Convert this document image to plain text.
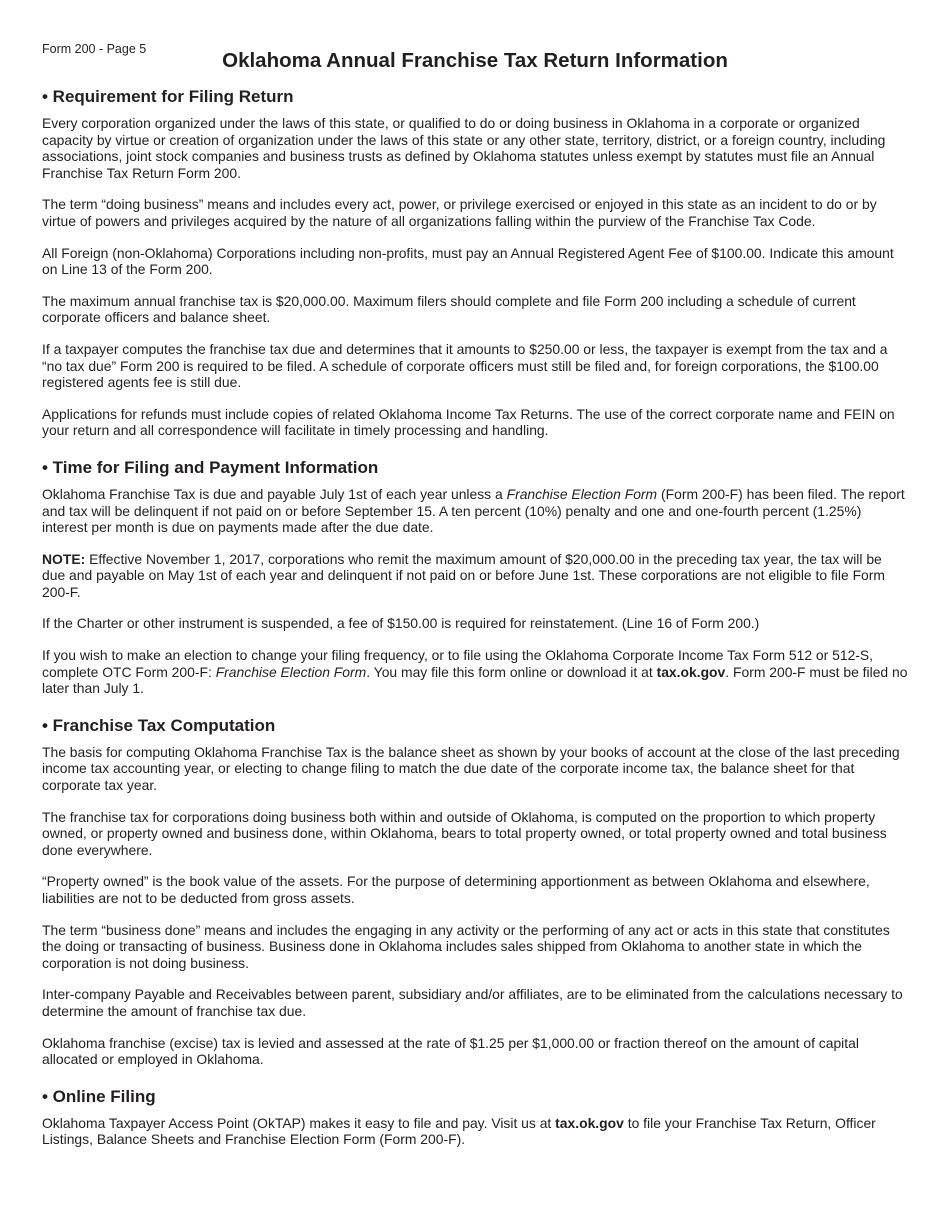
Form 200 - Page 5	Oklahoma Annual Franchise Tax Return Information
• Requirement for Filing Return

Every corporation organized under the laws of this state, or qualified to do or doing business in Oklahoma in a corporate or organized capacity by virtue or creation of organization under the laws of this state or any other state, territory, district, or a foreign country, including associations, joint stock companies and business trusts as defined by Oklahoma statutes unless exempt by statutes must file an Annual Franchise Tax Return Form 200.

The term “doing business” means and includes every act, power, or privilege exercised or enjoyed in this state as an incident to do or by virtue of powers and privileges acquired by the nature of all organizations falling within the purview of the Franchise Tax Code.

All Foreign (non-Oklahoma) Corporations including non-profits, must pay an Annual Registered Agent Fee of $100.00. Indicate this amount on Line 13 of the Form 200.

The maximum annual franchise tax is $20,000.00. Maximum filers should complete and file Form 200 including a schedule of current corporate officers and balance sheet.

If a taxpayer computes the franchise tax due and determines that it amounts to $250.00 or less, the taxpayer is exempt from the tax and a “no tax due” Form 200 is required to be filed. A schedule of corporate officers must still be filed and, for foreign corporations, the $100.00 registered agents fee is still due.

Applications for refunds must include copies of related Oklahoma Income Tax Returns. The use of the correct corporate name and FEIN on your return and all correspondence will facilitate in timely processing and handling.

• Time for Filing and Payment Information

Oklahoma Franchise Tax is due and payable July 1st of each year unless a Franchise Election Form (Form 200-F) has been filed. The report and tax will be delinquent if not paid on or before September 15. A ten percent (10%) penalty and one and one-fourth percent (1.25%) interest per month is due on payments made after the due date.

NOTE: Effective November 1, 2017, corporations who remit the maximum amount of $20,000.00 in the preceding tax year, the tax will be due and payable on May 1st of each year and delinquent if not paid on or before June 1st. These corporations are not eligible to file Form 200-F.

If the Charter or other instrument is suspended, a fee of $150.00 is required for reinstatement. (Line 16 of Form 200.)

If you wish to make an election to change your filing frequency, or to file using the Oklahoma Corporate Income Tax Form 512 or 512-S, complete OTC Form 200-F: Franchise Election Form. You may file this form online or download it at tax.ok.gov. Form 200-F must be filed no later than July 1.

• Franchise Tax Computation

The basis for computing Oklahoma Franchise Tax is the balance sheet as shown by your books of account at the close of the last preceding income tax accounting year, or electing to change filing to match the due date of the corporate income tax, the balance sheet for that corporate tax year.

The franchise tax for corporations doing business both within and outside of Oklahoma, is computed on the proportion to which property owned, or property owned and business done, within Oklahoma, bears to total property owned, or total property owned and total business done everywhere.

“Property owned” is the book value of the assets. For the purpose of determining apportionment as between Oklahoma and elsewhere, liabilities are not to be deducted from gross assets.

The term “business done” means and includes the engaging in any activity or the performing of any act or acts in this state that constitutes the doing or transacting of business. Business done in Oklahoma includes sales shipped from Oklahoma to another state in which the corporation is not doing business.

Inter-company Payable and Receivables between parent, subsidiary and/or affiliates, are to be eliminated from the calculations necessary to determine the amount of franchise tax due.

Oklahoma franchise (excise) tax is levied and assessed at the rate of $1.25 per $1,000.00 or fraction thereof on the amount of capital allocated or employed in Oklahoma.

• Online Filing

Oklahoma Taxpayer Access Point (OkTAP) makes it easy to file and pay. Visit us at tax.ok.gov to file your Franchise Tax Return, Officer Listings, Balance Sheets and Franchise Election Form (Form 200-F).
